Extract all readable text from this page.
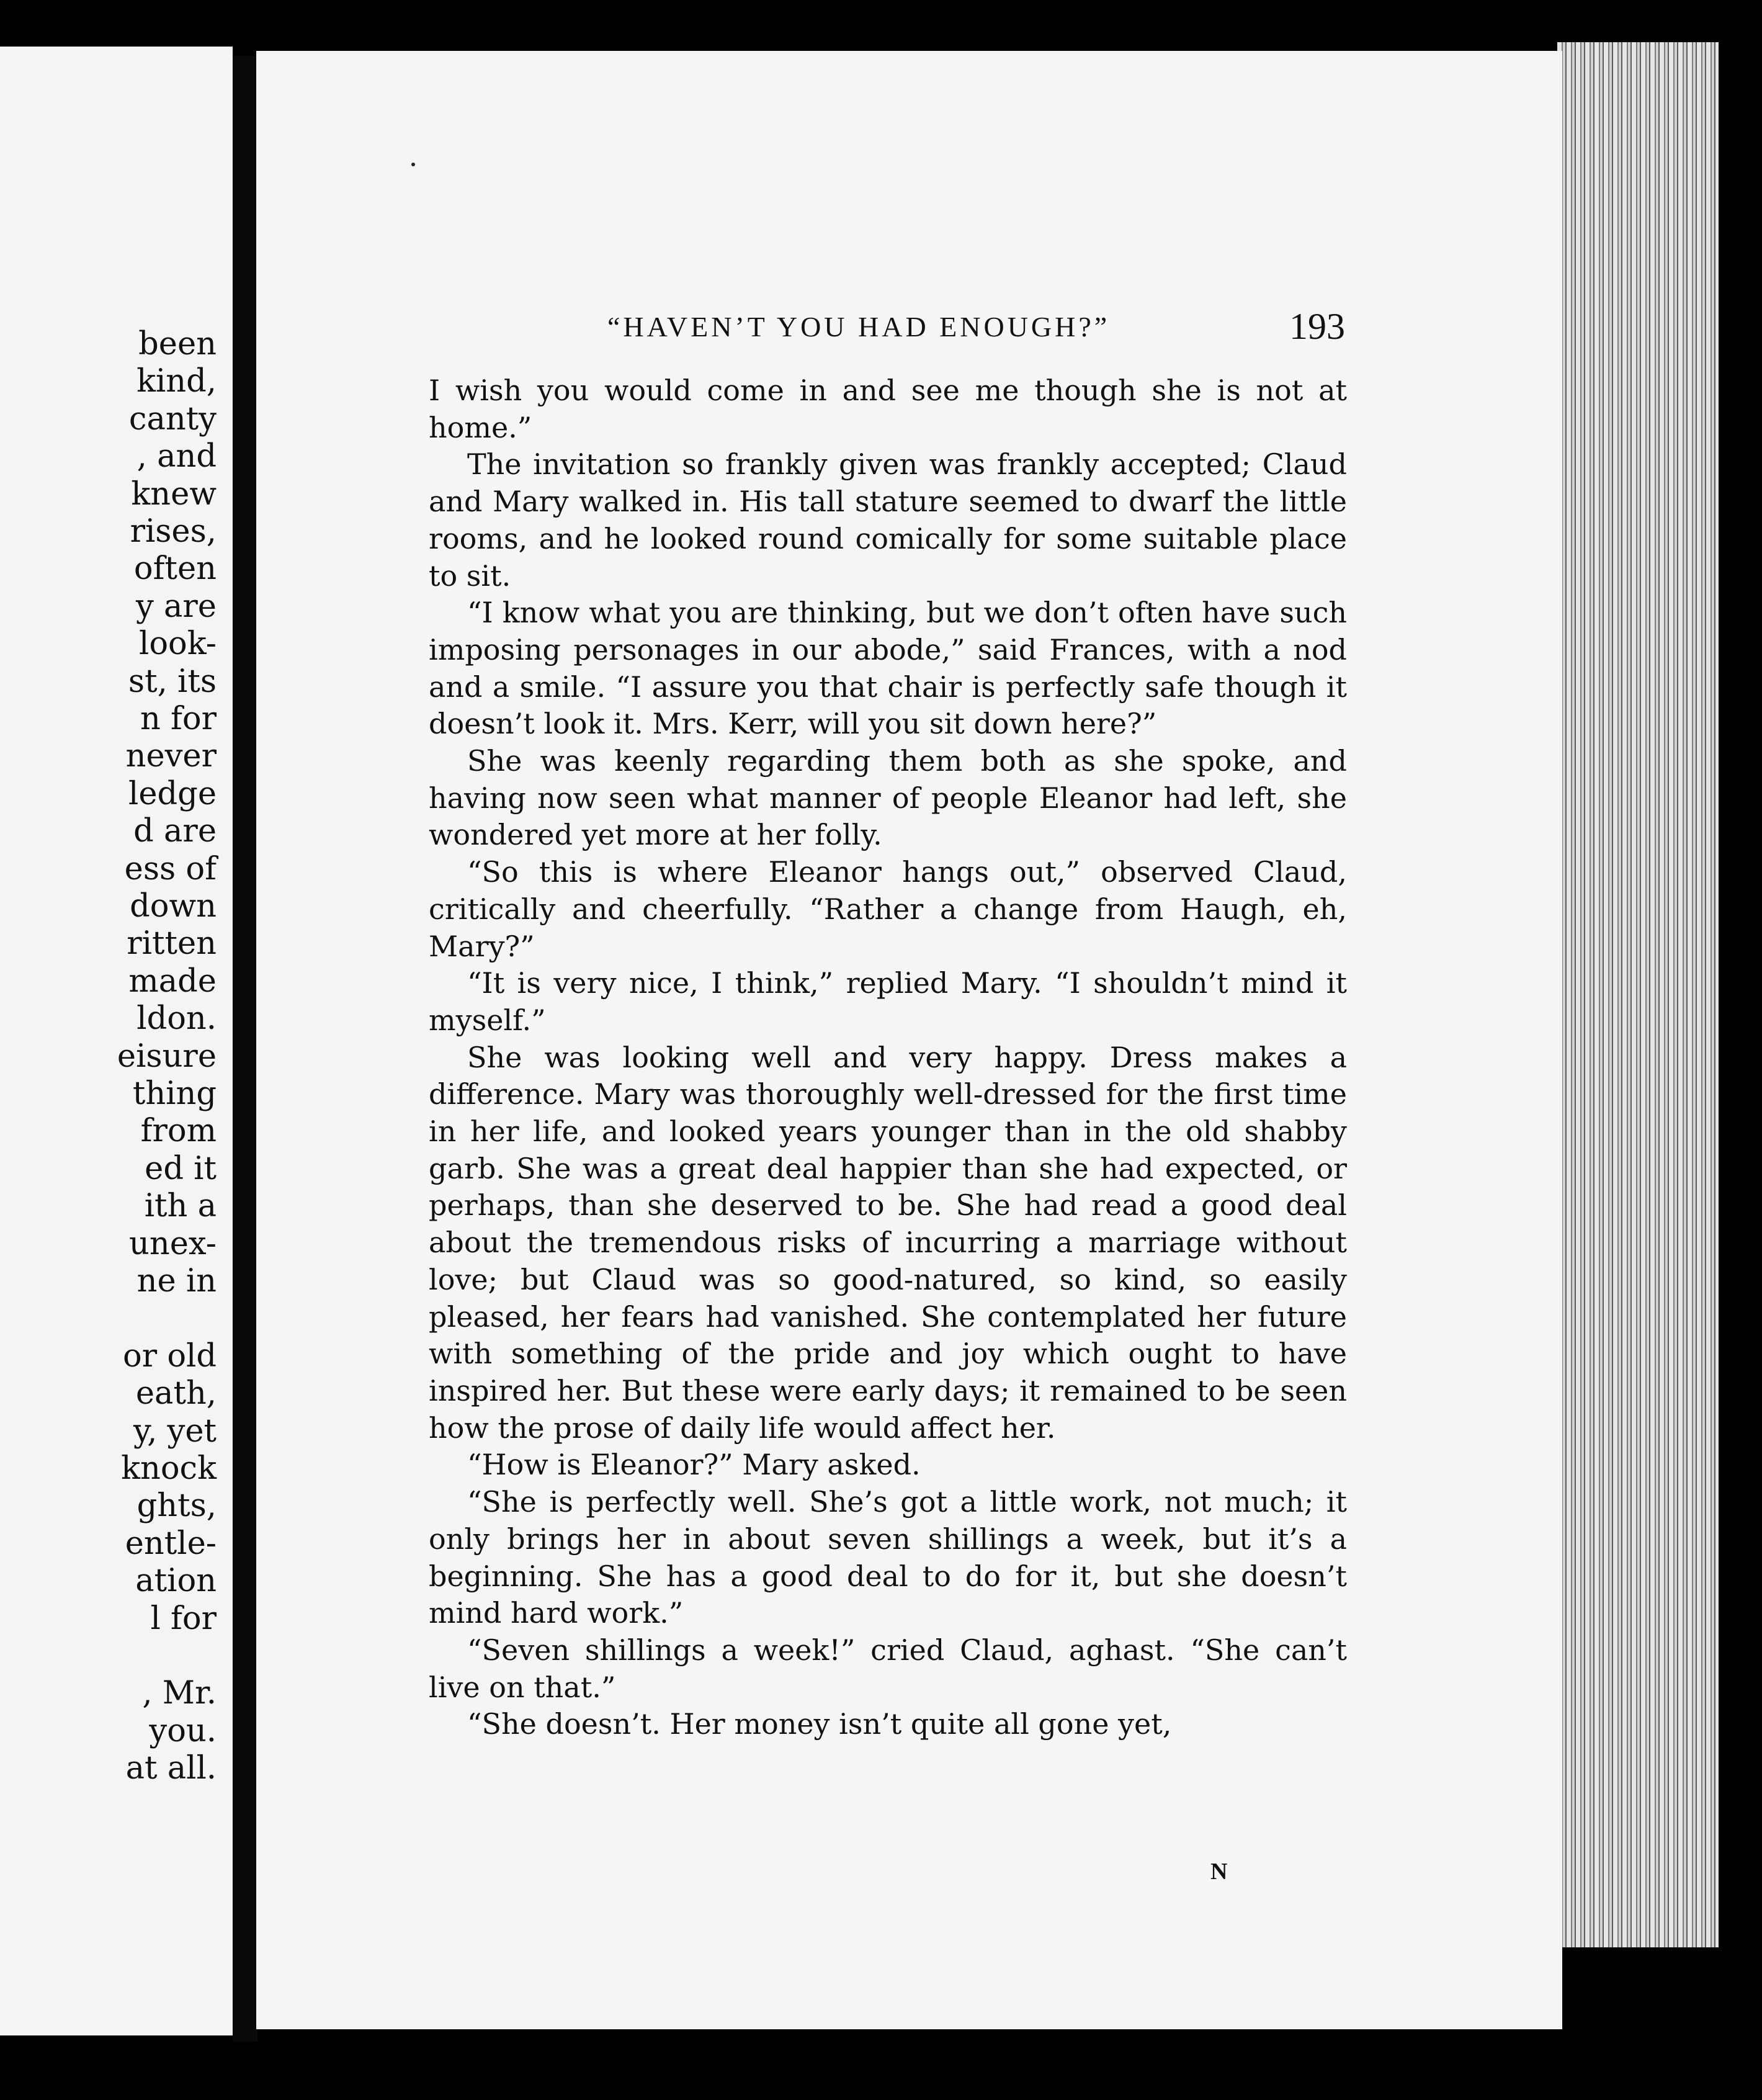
been
kind,
canty
, and
knew
rises,
often
y are
look-
st, its
n for
never
ledge
d are
ess of
down
ritten
made
ldon.
eisure
thing
from
ed it
ith a
unex-
ne in
or old
eath,
y, yet
knock
ghts,
entle-
ation
l for
, Mr.
you.
at all.
“HAVEN’T YOU HAD ENOUGH?”	193

I wish you would come in and see me though she is not at home.”

The invitation so frankly given was frankly accepted; Claud and Mary walked in. His tall stature seemed to dwarf the little rooms, and he looked round comically for some suitable place to sit.

“I know what you are thinking, but we don’t often have such imposing personages in our abode,” said Frances, with a nod and a smile. “I assure you that chair is perfectly safe though it doesn’t look it. Mrs. Kerr, will you sit down here?”

She was keenly regarding them both as she spoke, and having now seen what manner of people Eleanor had left, she wondered yet more at her folly.

“So this is where Eleanor hangs out,” observed Claud, critically and cheerfully. “Rather a change from Haugh, eh, Mary?”

“It is very nice, I think,” replied Mary. “I shouldn’t mind it myself.”

She was looking well and very happy. Dress makes a difference. Mary was thoroughly well-dressed for the first time in her life, and looked years younger than in the old shabby garb. She was a great deal happier than she had expected, or perhaps, than she deserved to be. She had read a good deal about the tremendous risks of incurring a marriage without love; but Claud was so good-natured, so kind, so easily pleased, her fears had vanished. She contemplated her future with something of the pride and joy which ought to have inspired her. But these were early days; it remained to be seen how the prose of daily life would affect her.

“How is Eleanor?” Mary asked.

“She is perfectly well. She’s got a little work, not much; it only brings her in about seven shillings a week, but it’s a beginning. She has a good deal to do for it, but she doesn’t mind hard work.”

“Seven shillings a week!” cried Claud, aghast. “She can’t live on that.”

“She doesn’t. Her money isn’t quite all gone yet,

N
